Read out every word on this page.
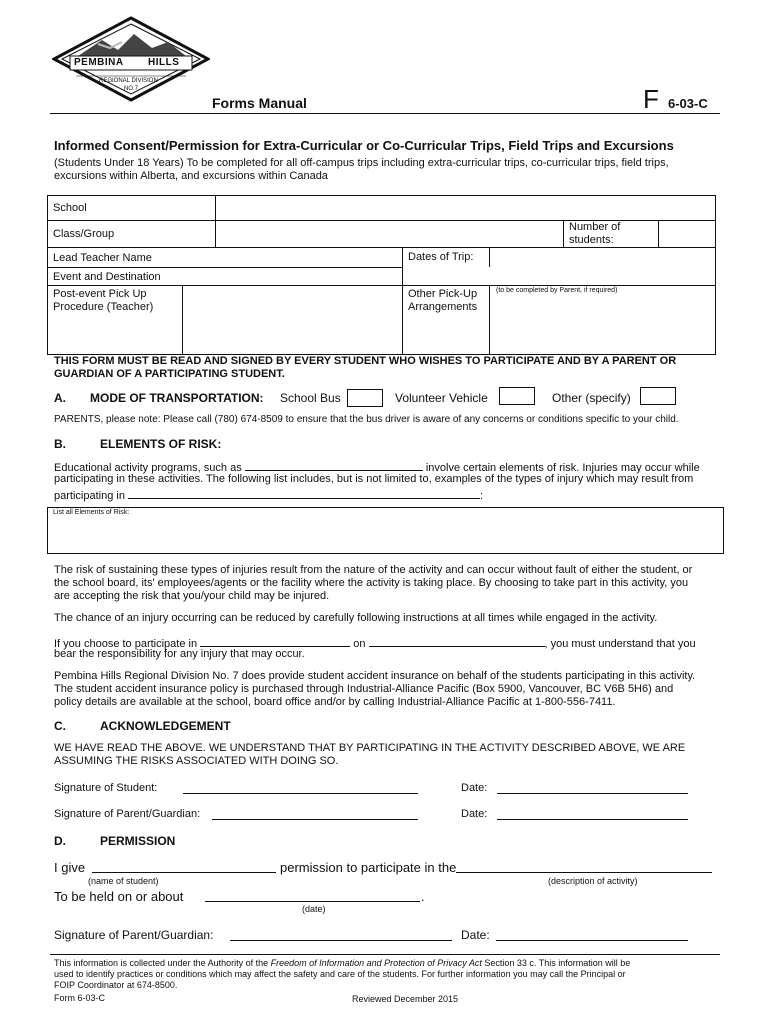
PEMBINA HILLS
REGIONAL DIVISION
NO.7
Forms Manual	F 6-03-C
Informed Consent/Permission for Extra-Curricular or Co-Curricular Trips, Field Trips and Excursions
(Students Under 18 Years) To be completed for all off-campus trips including extra-curricular trips, co-curricular trips, field trips,
excursions within Alberta, and excursions within Canada
School
Class/Group
Number of
students:
Lead Teacher Name	Dates of Trip:
Event and Destination
Post-event Pick Up
Procedure (Teacher)
Other Pick-Up
Arrangements
(to be completed by Parent, if required)
THIS FORM MUST BE READ AND SIGNED BY EVERY STUDENT WHO WISHES TO PARTICIPATE AND BY A PARENT OR
GUARDIAN OF A PARTICIPATING STUDENT.
A. MODE OF TRANSPORTATION: School Bus	Volunteer Vehicle	Other (specify)
PARENTS, please note: Please call (780) 674-8509 to ensure that the bus driver is aware of any concerns or conditions specific to your child.
B.	ELEMENTS OF RISK:
Educational activity programs, such as	involve certain elements of risk. Injuries may occur while
participating in these activities. The following list includes, but is not limited to, examples of the types of injury which may result from
participating in	:
List all Elements of Risk:
The risk of sustaining these types of injuries result from the nature of the activity and can occur without fault of either the student, or
the school board, its' employees/agents or the facility where the activity is taking place. By choosing to take part in this activity, you
are accepting the risk that you/your child may be injured.
The chance of an injury occurring can be reduced by carefully following instructions at all times while engaged in the activity.
If you choose to participate in	on	, you must understand that you
bear the responsibility for any injury that may occur.
Pembina Hills Regional Division No. 7 does provide student accident insurance on behalf of the students participating in this activity.
The student accident insurance policy is purchased through Industrial-Alliance Pacific (Box 5900, Vancouver, BC V6B 5H6) and
policy details are available at the school, board office and/or by calling Industrial-Alliance Pacific at 1-800-556-7411.
C.	ACKNOWLEDGEMENT
WE HAVE READ THE ABOVE. WE UNDERSTAND THAT BY PARTICIPATING IN THE ACTIVITY DESCRIBED ABOVE, WE ARE
ASSUMING THE RISKS ASSOCIATED WITH DOING SO.
Signature of Student:	Date:
Signature of Parent/Guardian:	Date:
D.	PERMISSION
I give	permission to participate in the
(name of student)	(description of activity)
To be held on or about	.
(date)
Signature of Parent/Guardian:	Date:
This information is collected under the Authority of the Freedom of Information and Protection of Privacy Act Section 33 c. This information will be
used to identify practices or conditions which may affect the safety and care of the students. For further information you may call the Principal or
FOIP Coordinator at 674-8500.
Form 6-03-C	Reviewed December 2015
